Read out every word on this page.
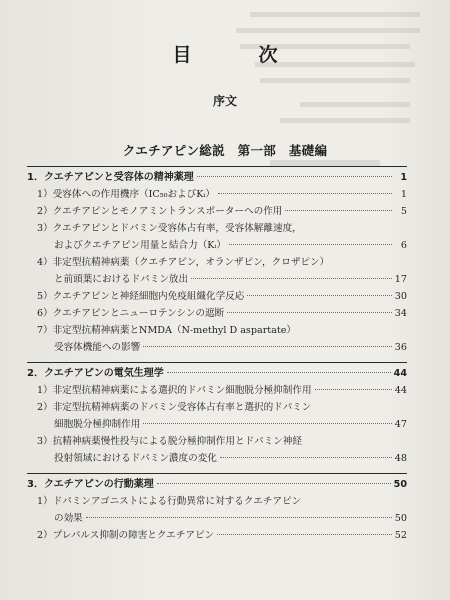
目　次
序文
クエチアピン総説　第一部　基礎編
1．クエチアピンと受容体の精神薬理	1
1）受容体への作用機序（IC₅₀およびKᵢ）	1
2）クエチアピンとモノアミントランスポーターへの作用	5
3）クエチアピンとドパミン受容体占有率，受容体解離速度，
およびクエチアピン用量と結合力（Kᵢ）	6
4）非定型抗精神病薬（クエチアピン，オランザピン，クロザピン）
と前頭葉におけるドパミン放出	17
5）クエチアピンと神経細胞内免疫組織化学反応	30
6）クエチアピンとニューロテンシンの遮断	34
7）非定型抗精神病薬とNMDA（N-methyl D aspartate）
受容体機能への影響	36
2．クエチアピンの電気生理学	44
1）非定型抗精神病薬による選択的ドパミン細胞脱分極抑制作用	44
2）非定型抗精神病薬のドパミン受容体占有率と選択的ドパミン
細胞脱分極抑制作用	47
3）抗精神病薬慢性投与による脱分極抑制作用とドパミン神経
投射領域におけるドパミン濃度の変化	48
3．クエチアピンの行動薬理	50
1）ドパミンアゴニストによる行動異常に対するクエチアピン
の効果	50
2）プレパルス抑制の障害とクエチアピン	52
